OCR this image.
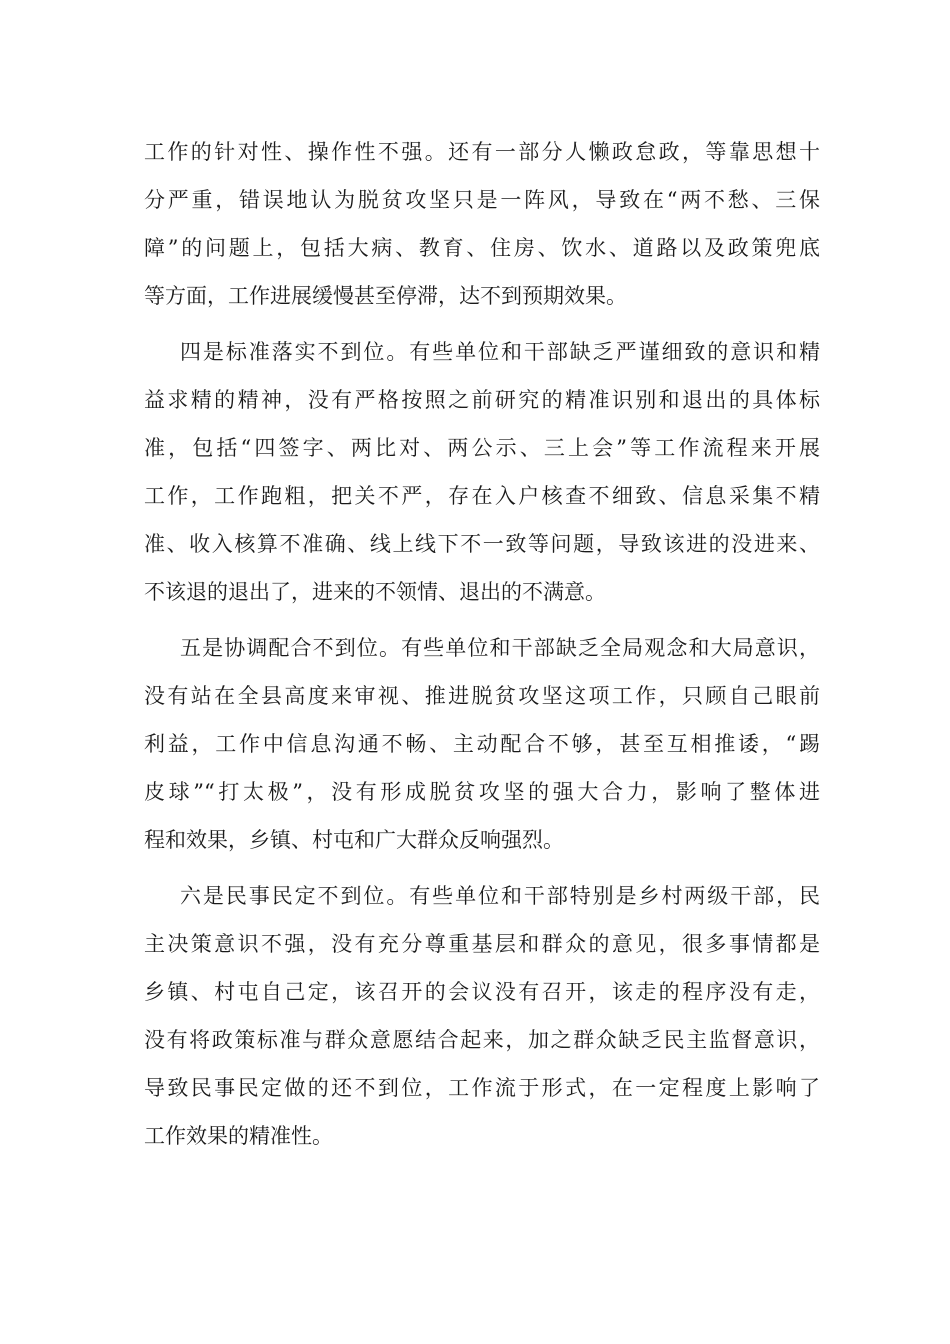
工作的针对性、操作性不强。还有一部分人懒政怠政，等靠思想十
分严重，错误地认为脱贫攻坚只是一阵风，导致在“两不愁、三保
障”的问题上，包括大病、教育、住房、饮水、道路以及政策兜底
等方面，工作进展缓慢甚至停滞，达不到预期效果。
四是标准落实不到位。有些单位和干部缺乏严谨细致的意识和精
益求精的精神，没有严格按照之前研究的精准识别和退出的具体标
准，包括“四签字、两比对、两公示、三上会”等工作流程来开展
工作，工作跑粗，把关不严，存在入户核查不细致、信息采集不精
准、收入核算不准确、线上线下不一致等问题，导致该进的没进来、
不该退的退出了，进来的不领情、退出的不满意。
五是协调配合不到位。有些单位和干部缺乏全局观念和大局意识，
没有站在全县高度来审视、推进脱贫攻坚这项工作，只顾自己眼前
利益，工作中信息沟通不畅、主动配合不够，甚至互相推诿，“踢
皮球”“打太极”，没有形成脱贫攻坚的强大合力，影响了整体进
程和效果，乡镇、村屯和广大群众反响强烈。
六是民事民定不到位。有些单位和干部特别是乡村两级干部，民
主决策意识不强，没有充分尊重基层和群众的意见，很多事情都是
乡镇、村屯自己定，该召开的会议没有召开，该走的程序没有走，
没有将政策标准与群众意愿结合起来，加之群众缺乏民主监督意识，
导致民事民定做的还不到位，工作流于形式，在一定程度上影响了
工作效果的精准性。
